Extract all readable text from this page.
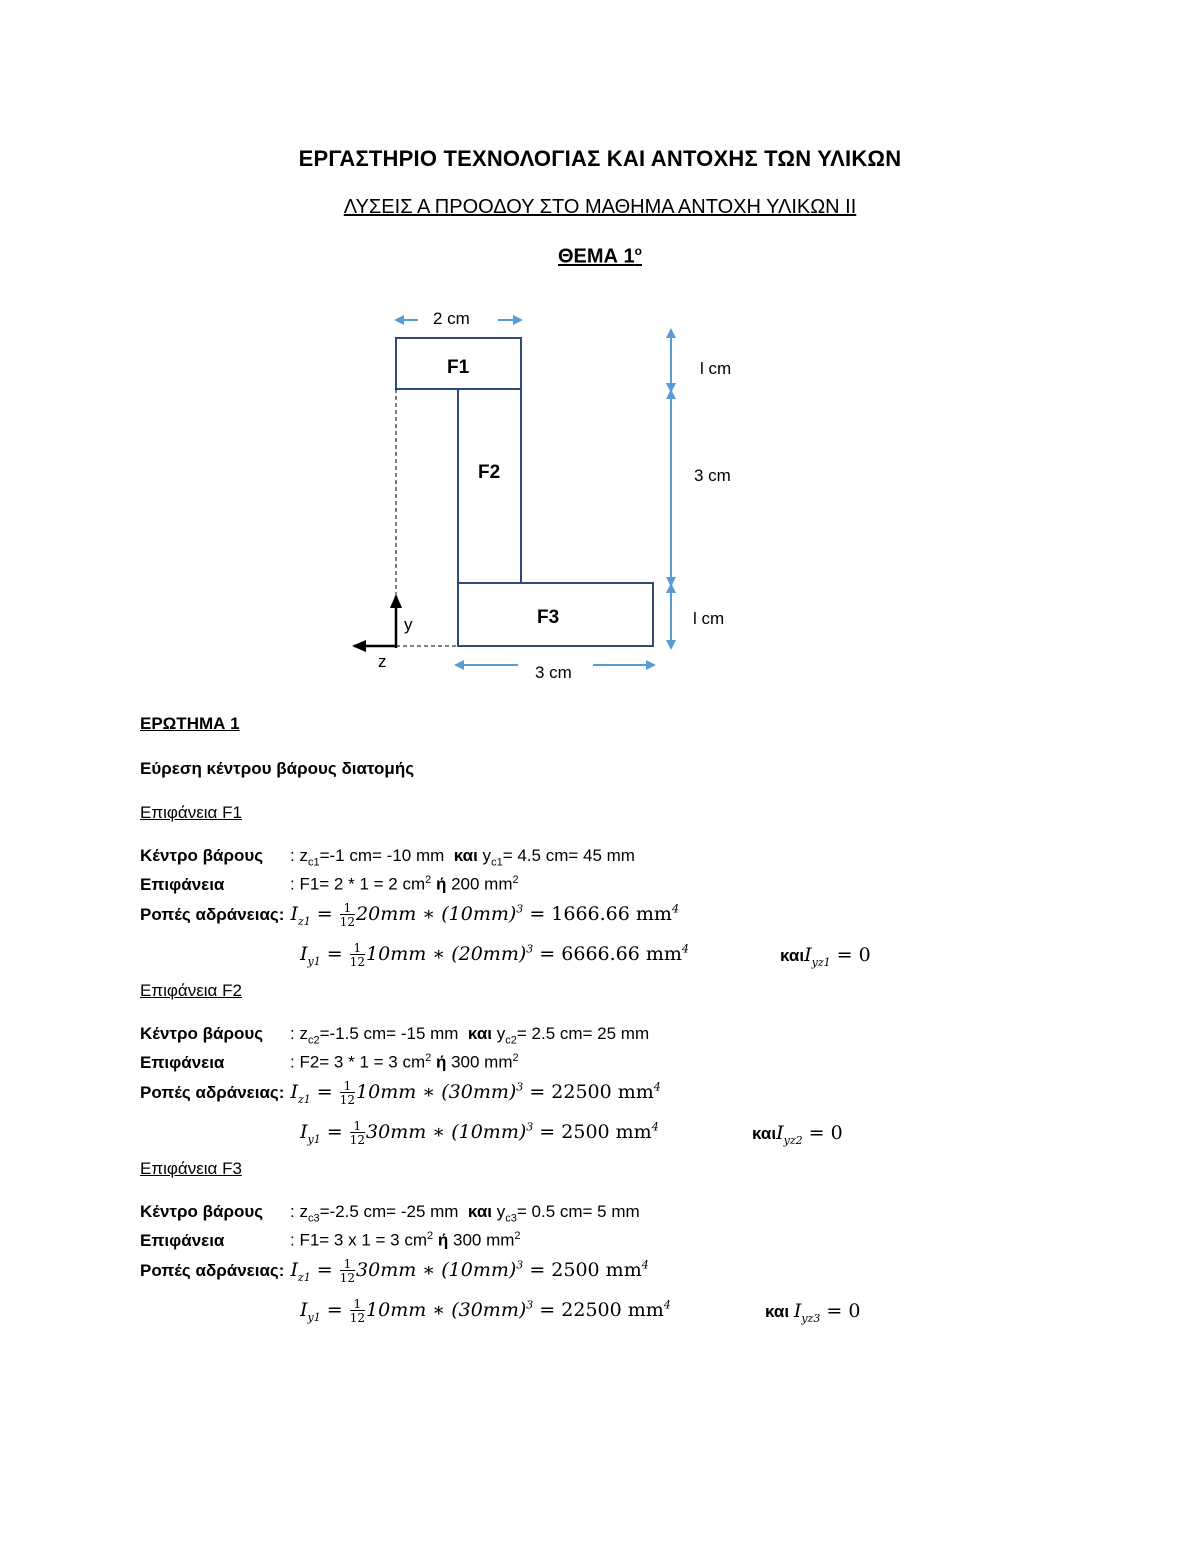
ΕΡΓΑΣΤΗΡΙΟ ΤΕΧΝΟΛΟΓΙΑΣ ΚΑΙ ΑΝΤΟΧΗΣ ΤΩΝ ΥΛΙΚΩΝ
ΛΥΣΕΙΣ Α ΠΡΟΟΔΟΥ ΣΤΟ ΜΑΘΗΜΑ ΑΝΤΟΧΗ ΥΛΙΚΩΝ ΙΙ
ΘΕΜΑ $1^o$
y
z
F1
F2
F3
2 cm
3 cm
l cm
3 cm
l cm
ΕΡΩΤΗΜΑ 1
Εύρεση κέντρου βάρους διατομής
Επιφάνεια F1
Κέντρο βάρους : $z_{c1}=-1$ cm= -10 mm και $y_{c1}= 4.5$ cm= 45 mm
Επιφάνεια	: F1= 2 * 1 = 2 $cm^2$ ή 200 $mm^2$
Ροπές αδράνειας: $I_{z1} = \frac{1}{12} 20mm$ ∗ $(10mm)^3 = 1666.66$ $mm^4$
$I_{y1} = \frac{1}{12} 10mm$ ∗ $(20mm)^3 = 6666.66$ $mm^4$	καιI$_{yz1}$ = 0
Επιφάνεια F2
Κέντρο βάρους : $z_{c2}=-1.5$ cm= -15 mm και $y_{c2}= 2.5$ cm= 25 mm
Επιφάνεια	: F2= 3 * 1 = 3 $cm^2$ ή 300 $mm^2$
Ροπές αδράνειας: $I_{z1} = \frac{1}{12} 10mm$ ∗ $(30mm)^3 = 22500$ $mm^4$
$I_{y1} = \frac{1}{12} 30mm$ ∗ $(10mm)^3 = 2500$ $mm^4$	καιI$_{yz2}$ = 0
Επιφάνεια F3
Κέντρο βάρους : $z_{c3}=-2.5$ cm= -25 mm και $y_{c3}= 0.5$ cm= 5 mm
Επιφάνεια	: F1= 3 x 1 = 3 $cm^2$ ή 300 $mm^2$
Ροπές αδράνειας: $I_{z1} = \frac{1}{12} 30mm$ ∗ $(10mm)^3 = 2500$ $mm^4$
$I_{y1} = \frac{1}{12} 10mm$ ∗ $(30mm)^3 = 22500$ $mm^4$	και $I_{yz3} = 0$
